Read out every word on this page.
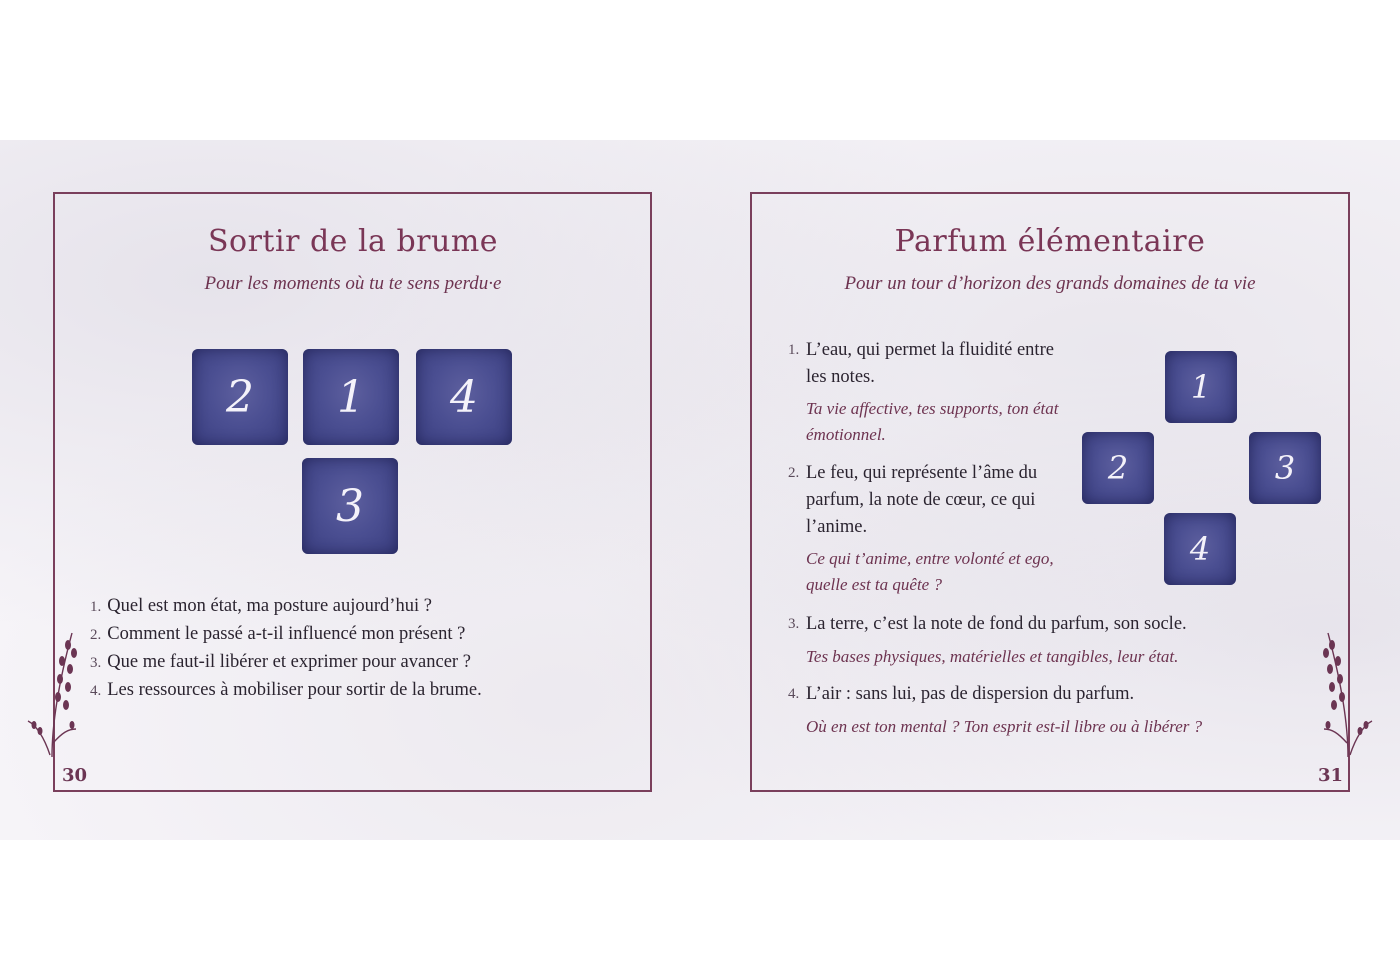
Sortir de la brume
Pour les moments où tu te sens perdu·e
2	1	4
3
1. Quel est mon état, ma posture aujourd’hui ?
2. Comment le passé a-t-il influencé mon présent ?
3. Que me faut-il libérer et exprimer pour avancer ?
4. Les ressources à mobiliser pour sortir de la brume.
30
Parfum élémentaire
Pour un tour d’horizon des grands domaines de ta vie
1. L’eau, qui permet la fluidité entre
les notes.
Ta vie affective, tes supports, ton état
émotionnel.
2. Le feu, qui représente l’âme du
parfum, la note de cœur, ce qui
l’anime.
Ce qui t’anime, entre volonté et ego,
quelle est ta quête ?
3. La terre, c’est la note de fond du parfum, son socle.
Tes bases physiques, matérielles et tangibles, leur état.
4. L’air : sans lui, pas de dispersion du parfum.
Où en est ton mental ? Ton esprit est-il libre ou à libérer ?
1
2	3
4
31
